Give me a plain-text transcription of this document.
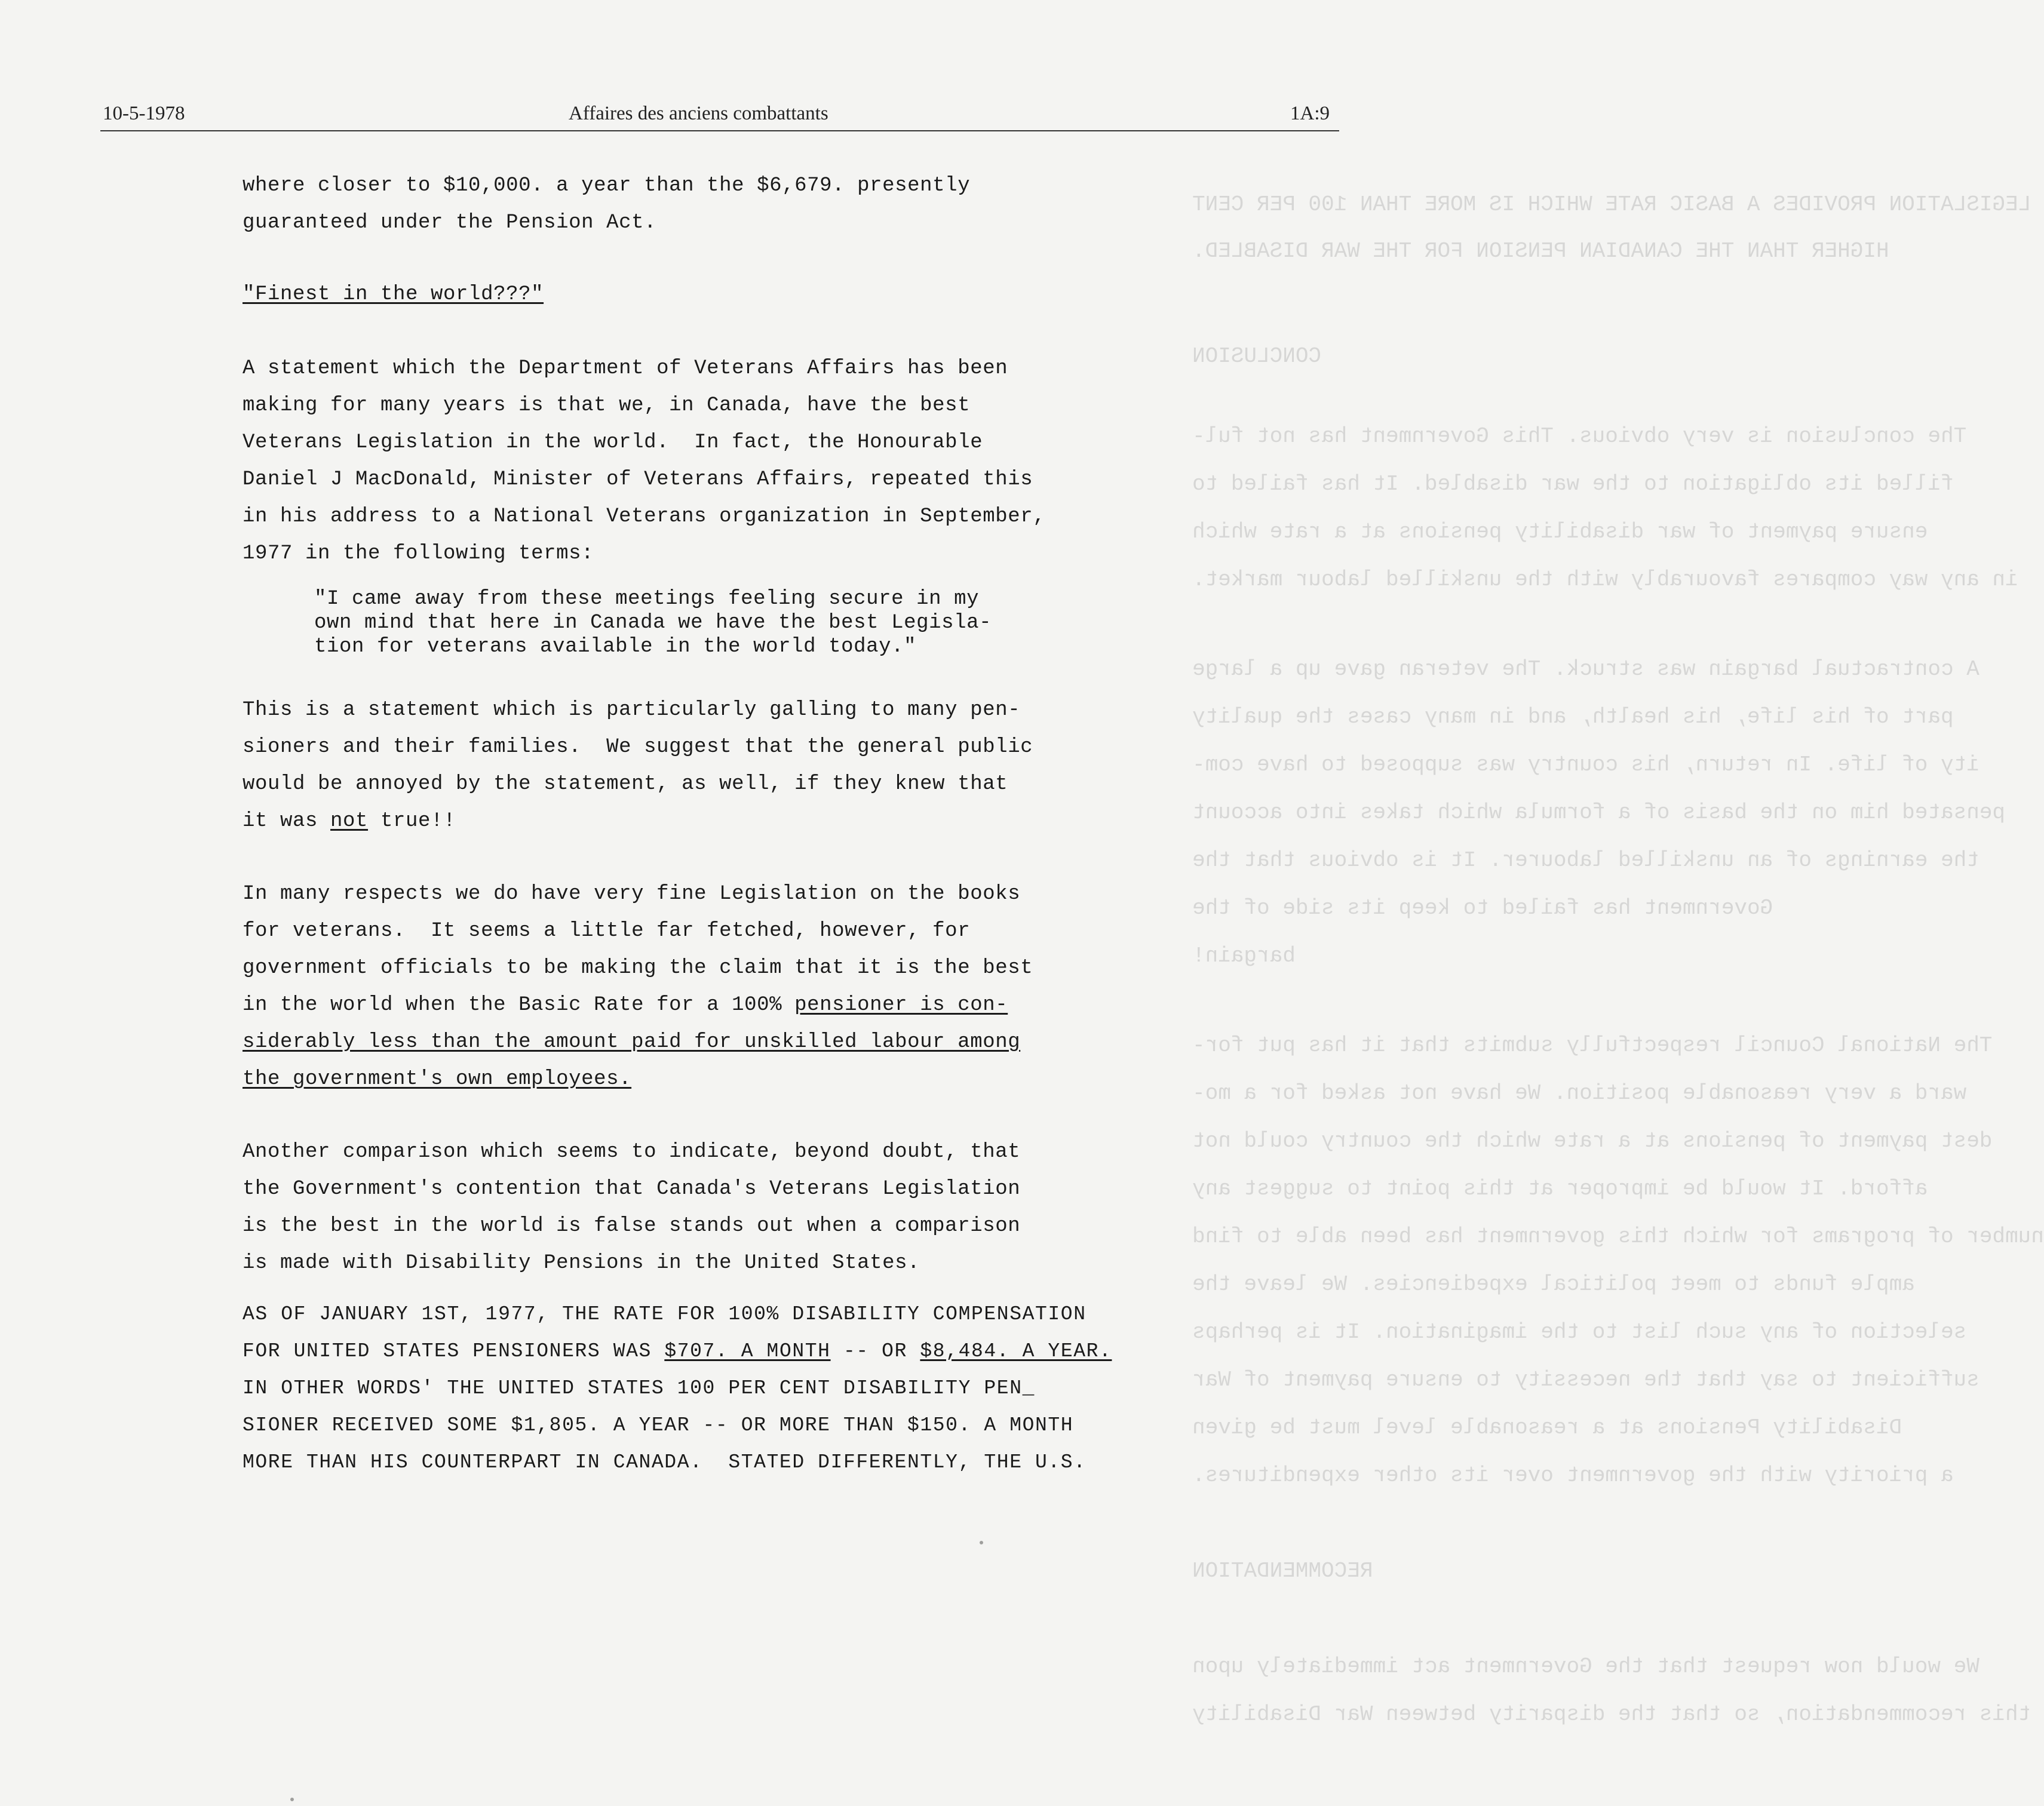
LEGISLATION PROVIDES A BASIC RATE WHICH IS MORE THAN 100 PER CENT
HIGHER THAN THE CANADIAN PENSION FOR THE WAR DISABLED.
CONCLUSION
The conclusion is very obvious. This Government has not ful-
filled its obligation to the war disabled. It has failed to
ensure payment of war disability pensions at a rate which
in any way compares favourably with the unskilled labour market.
A contractual bargain was struck. The veteran gave up a large
part of his life, his health, and in many cases the quality
ity of life. In return, his country was supposed to have com-
pensated him on the basis of a formula which takes into account
the earnings of an unskilled labourer. It is obvious that the
Government has failed to keep its side of the
bargain!
The National Council respectfully submits that it has put for-
ward a very reasonable position. We have not asked for a mo-
dest payment of pensions at a rate which the country could not
afford. It would be improper at this point to suggest any
number of programs for which this government has been able to find
ample funds to meet political expediencies. We leave the
selection of any such list to the imagination. It is perhaps
sufficient to say that the necessity to ensure payment of War
Disability Pensions at a reasonable level must be given
a priority with the government over its other expenditures.
RECOMMENDATION
We would now request that the Government act immediately upon
this recommendation, so that the disparity between War Disability
10-5-1978	Affaires des anciens combattants	1A:9
where closer to $10,000. a year than the $6,679. presently
guaranteed under the Pension Act.
"Finest in the world???"
A statement which the Department of Veterans Affairs has been
making for many years is that we, in Canada, have the best
Veterans Legislation in the world.  In fact, the Honourable
Daniel J MacDonald, Minister of Veterans Affairs, repeated this
in his address to a National Veterans organization in September,
1977 in the following terms:
"I came away from these meetings feeling secure in my
own mind that here in Canada we have the best Legisla-
tion for veterans available in the world today."
This is a statement which is particularly galling to many pen-
sioners and their families.  We suggest that the general public
would be annoyed by the statement, as well, if they knew that
it was not true!!
In many respects we do have very fine Legislation on the books
for veterans.  It seems a little far fetched, however, for
government officials to be making the claim that it is the best
in the world when the Basic Rate for a 100% pensioner is con-
siderably less than the amount paid for unskilled labour among
the government's own employees.
Another comparison which seems to indicate, beyond doubt, that
the Government's contention that Canada's Veterans Legislation
is the best in the world is false stands out when a comparison
is made with Disability Pensions in the United States.
AS OF JANUARY 1ST, 1977, THE RATE FOR 100% DISABILITY COMPENSATION
FOR UNITED STATES PENSIONERS WAS $707. A MONTH -- OR $8,484. A YEAR.
IN OTHER WORDS' THE UNITED STATES 100 PER CENT DISABILITY PEN_
SIONER RECEIVED SOME $1,805. A YEAR -- OR MORE THAN $150. A MONTH
MORE THAN HIS COUNTERPART IN CANADA.  STATED DIFFERENTLY, THE U.S.
